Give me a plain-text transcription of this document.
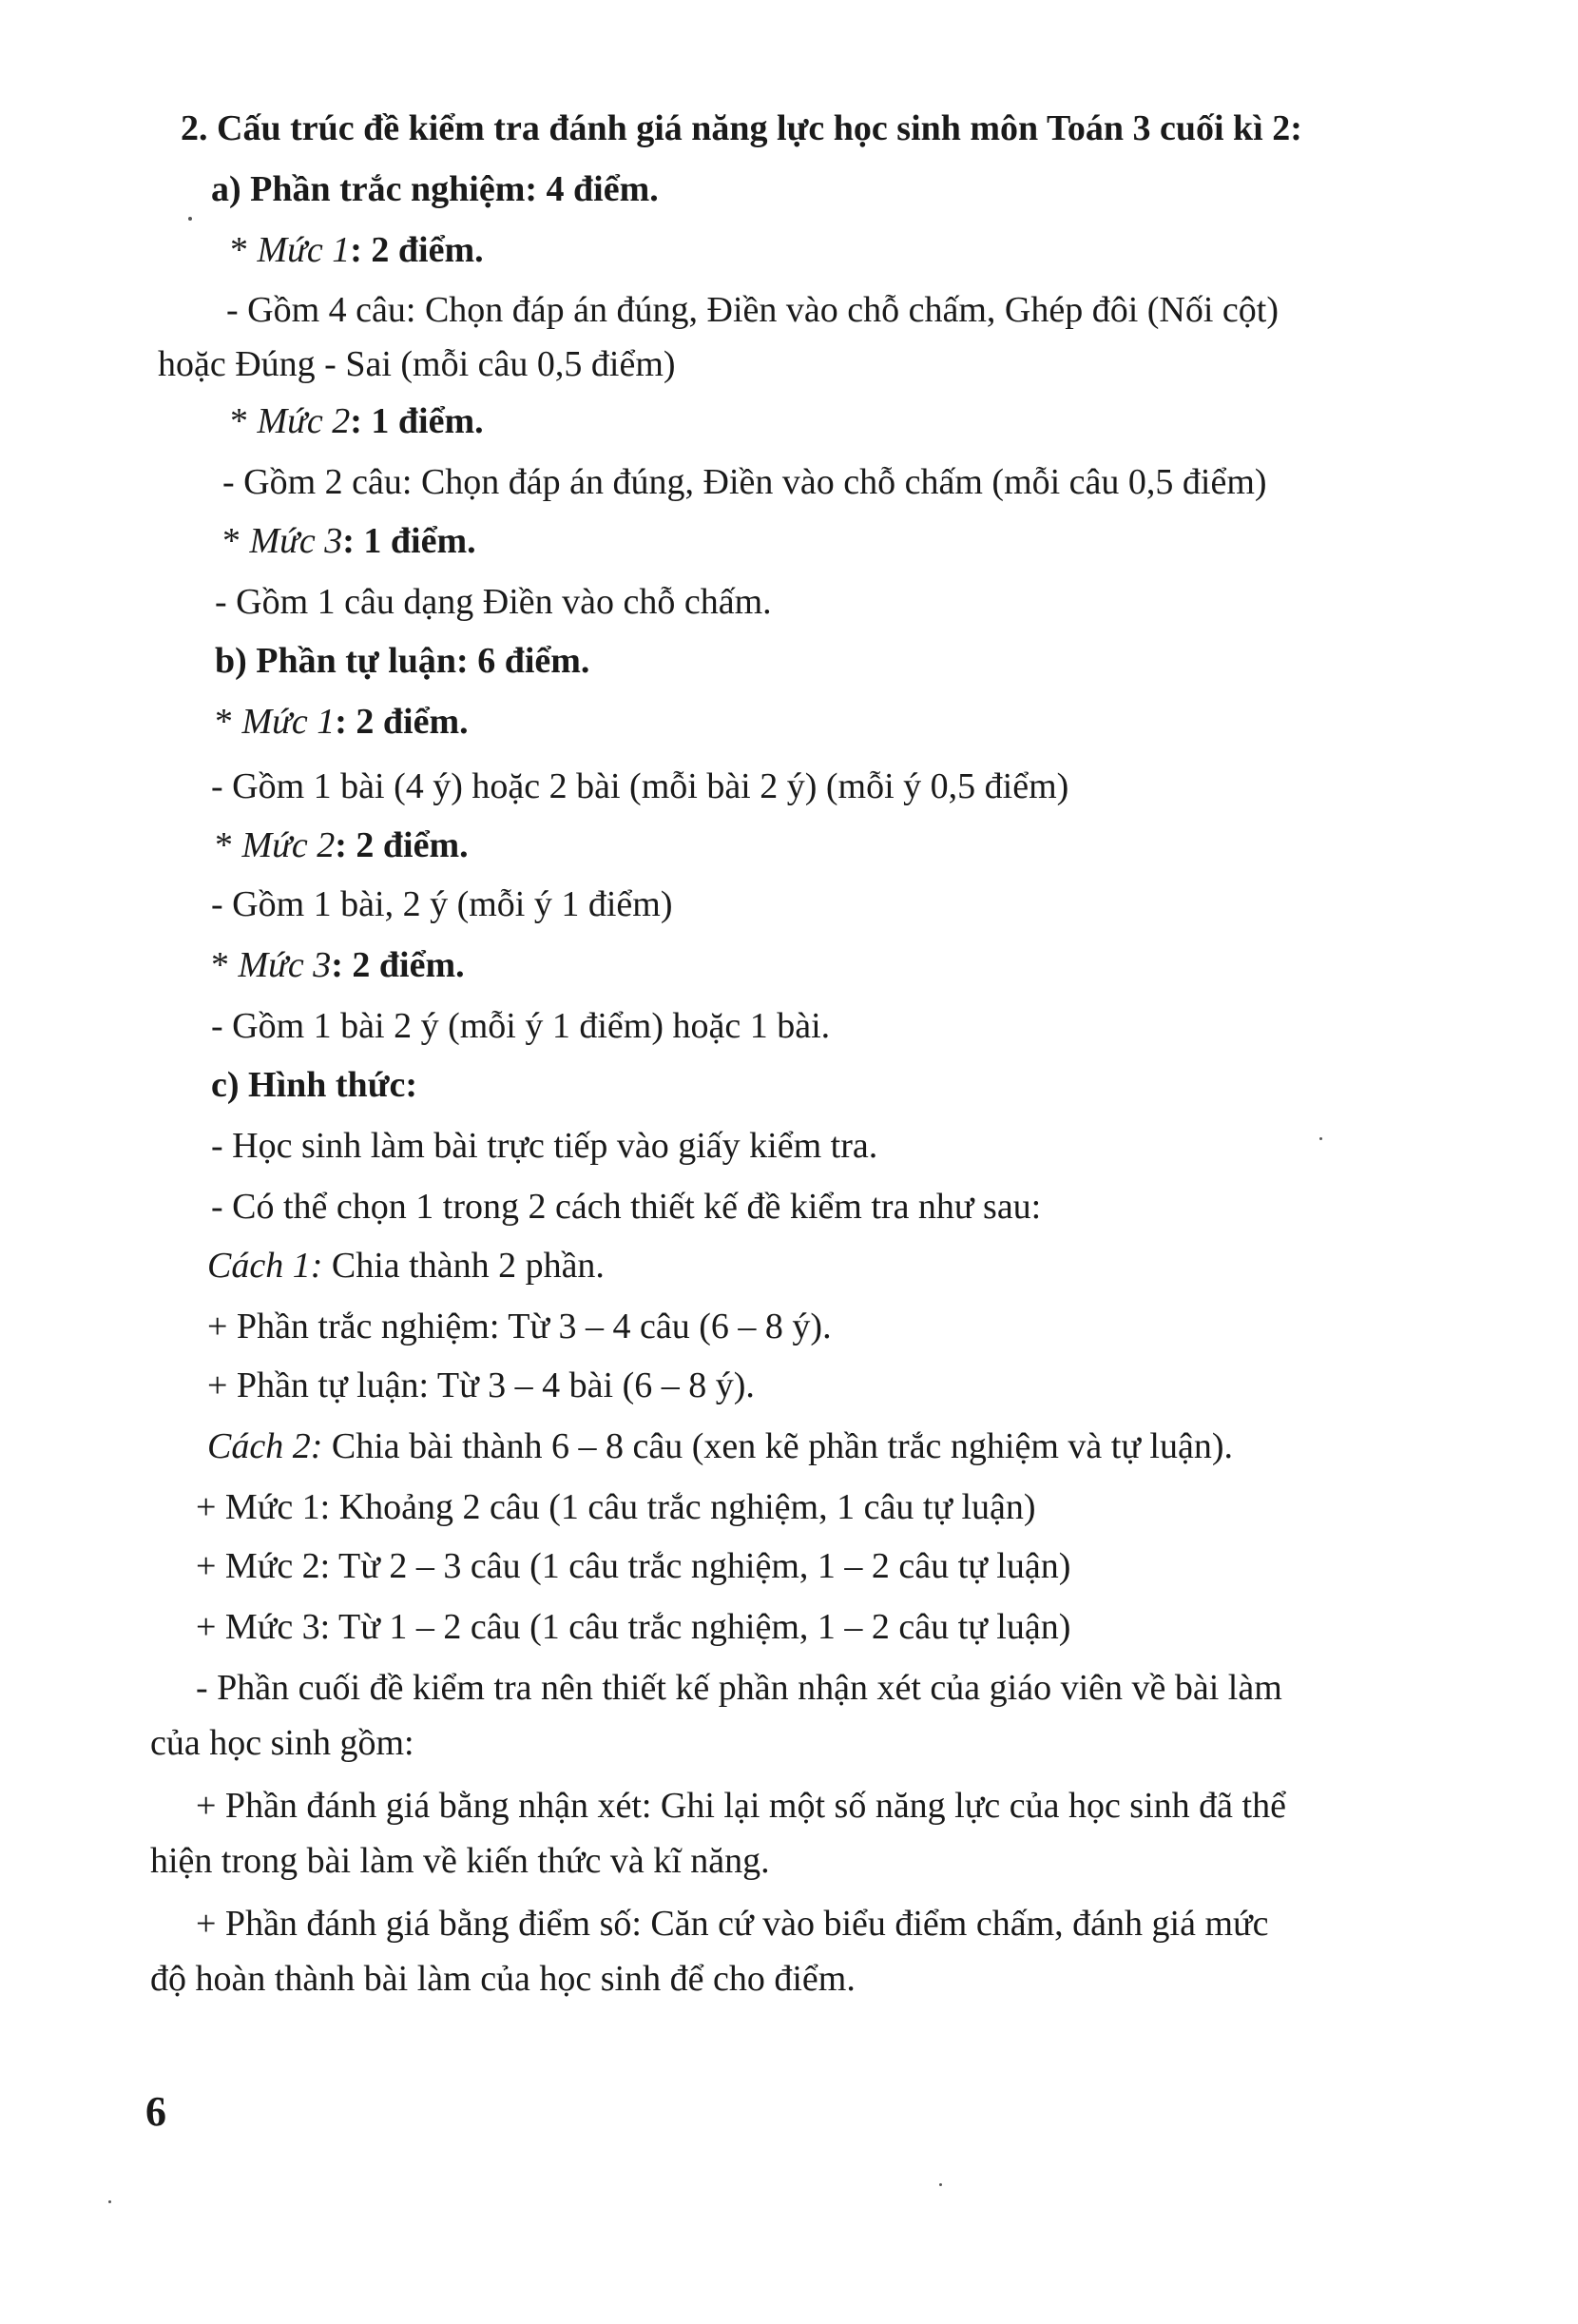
2. Cấu trúc đề kiểm tra đánh giá năng lực học sinh môn Toán 3 cuối kì 2:
a) Phần trắc nghiệm: 4 điểm.
* Mức 1: 2 điểm.
- Gồm 4 câu: Chọn đáp án đúng, Điền vào chỗ chấm, Ghép đôi (Nối cột)
hoặc Đúng - Sai (mỗi câu 0,5 điểm)
* Mức 2: 1 điểm.
- Gồm 2 câu: Chọn đáp án đúng, Điền vào chỗ chấm (mỗi câu 0,5 điểm)
* Mức 3: 1 điểm.
- Gồm 1 câu dạng Điền vào chỗ chấm.
b) Phần tự luận: 6 điểm.
* Mức 1: 2 điểm.
- Gồm 1 bài (4 ý) hoặc 2 bài (mỗi bài 2 ý) (mỗi ý 0,5 điểm)
* Mức 2: 2 điểm.
- Gồm 1 bài, 2 ý (mỗi ý 1 điểm)
* Mức 3: 2 điểm.
- Gồm 1 bài 2 ý (mỗi ý 1 điểm) hoặc 1 bài.
c) Hình thức:
- Học sinh làm bài trực tiếp vào giấy kiểm tra.
- Có thể chọn 1 trong 2 cách thiết kế đề kiểm tra như sau:
Cách 1: Chia thành 2 phần.
+ Phần trắc nghiệm: Từ 3 – 4 câu (6 – 8 ý).
+ Phần tự luận: Từ 3 – 4 bài (6 – 8 ý).
Cách 2: Chia bài thành 6 – 8 câu (xen kẽ phần trắc nghiệm và tự luận).
+ Mức 1: Khoảng 2 câu (1 câu trắc nghiệm, 1 câu tự luận)
+ Mức 2: Từ 2 – 3 câu (1 câu trắc nghiệm, 1 – 2 câu tự luận)
+ Mức 3: Từ 1 – 2 câu (1 câu trắc nghiệm, 1 – 2 câu tự luận)
- Phần cuối đề kiểm tra nên thiết kế phần nhận xét của giáo viên về bài làm
của học sinh gồm:
+ Phần đánh giá bằng nhận xét: Ghi lại một số năng lực của học sinh đã thể
hiện trong bài làm về kiến thức và kĩ năng.
+ Phần đánh giá bằng điểm số: Căn cứ vào biểu điểm chấm, đánh giá mức
độ hoàn thành bài làm của học sinh để cho điểm.
6
